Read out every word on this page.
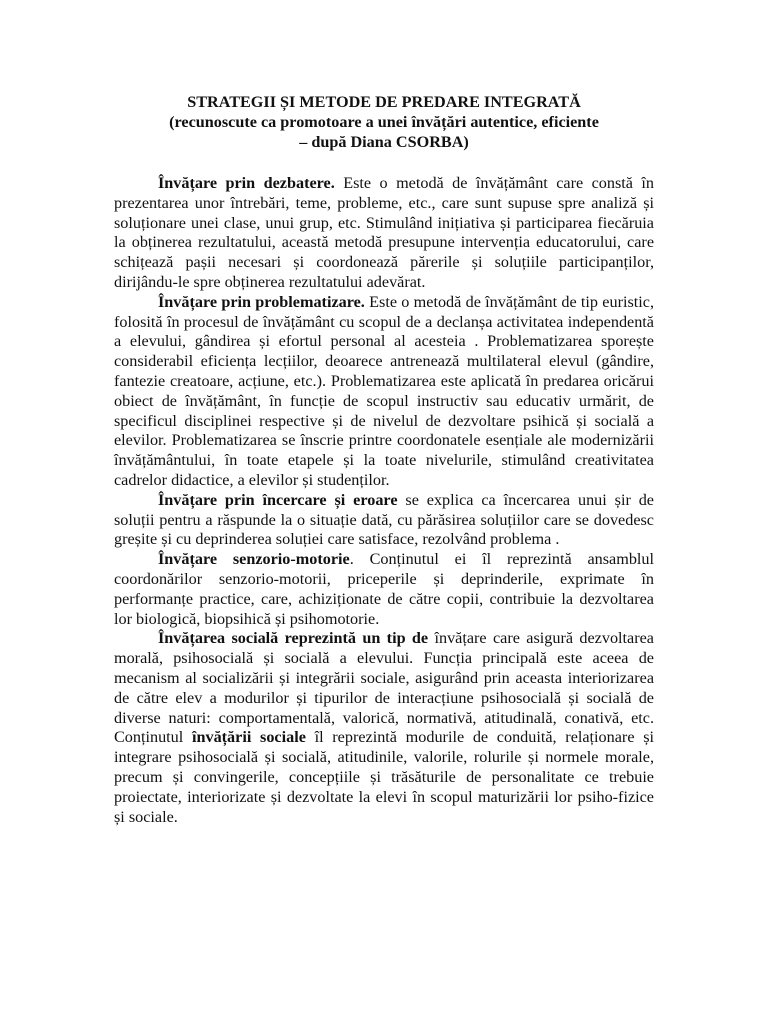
STRATEGII ȘI METODE DE PREDARE INTEGRATĂ
(recunoscute ca promotoare a unei învățări autentice, eficiente
– după Diana CSORBA)

Învățare prin dezbatere. Este o metodă de învățământ care constă în prezentarea unor întrebări, teme, probleme, etc., care sunt supuse spre analiză și soluționare unei clase, unui grup, etc. Stimulând inițiativa și participarea fiecăruia la obținerea rezultatului, această metodă presupune intervenția educatorului, care schițează pașii necesari și coordonează părerile și soluțiile participanților, dirijându-le spre obținerea rezultatului adevărat.

Învățare prin problematizare. Este o metodă de învățământ de tip euristic, folosită în procesul de învățământ cu scopul de a declanșa activitatea independentă a elevului, gândirea și efortul personal al acesteia . Problematizarea sporește considerabil eficiența lecțiilor, deoarece antrenează multilateral elevul (gândire, fantezie creatoare, acțiune, etc.). Problematizarea este aplicată în predarea oricărui obiect de învățământ, în funcție de scopul instructiv sau educativ urmărit, de specificul disciplinei respective și de nivelul de dezvoltare psihică și socială a elevilor. Problematizarea se înscrie printre coordonatele esențiale ale modernizării învățământului, în toate etapele și la toate nivelurile, stimulând creativitatea cadrelor didactice, a elevilor și studenților.

Învățare prin încercare și eroare se explica ca încercarea unui șir de soluții pentru a răspunde la o situație dată, cu părăsirea soluțiilor care se dovedesc greșite și cu deprinderea soluției care satisface, rezolvând problema .

Învățare senzorio-motorie. Conținutul ei îl reprezintă ansamblul coordonărilor senzorio-motorii, priceperile și deprinderile, exprimate în performanțe practice, care, achiziționate de către copii, contribuie la dezvoltarea lor biologică, biopsihică și psihomotorie.

Învățarea socială reprezintă un tip de învățare care asigură dezvoltarea morală, psihosocială și socială a elevului. Funcția principală este aceea de mecanism al socializării și integrării sociale, asigurând prin aceasta interiorizarea de către elev a modurilor și tipurilor de interacțiune psihosocială și socială de diverse naturi: comportamentală, valorică, normativă, atitudinală, conativă, etc. Conținutul învățării sociale îl reprezintă modurile de conduită, relaționare și integrare psihosocială și socială, atitudinile, valorile, rolurile și normele morale, precum și convingerile, concepțiile și trăsăturile de personalitate ce trebuie proiectate, interiorizate și dezvoltate la elevi în scopul maturizării lor psiho-fizice și sociale.
